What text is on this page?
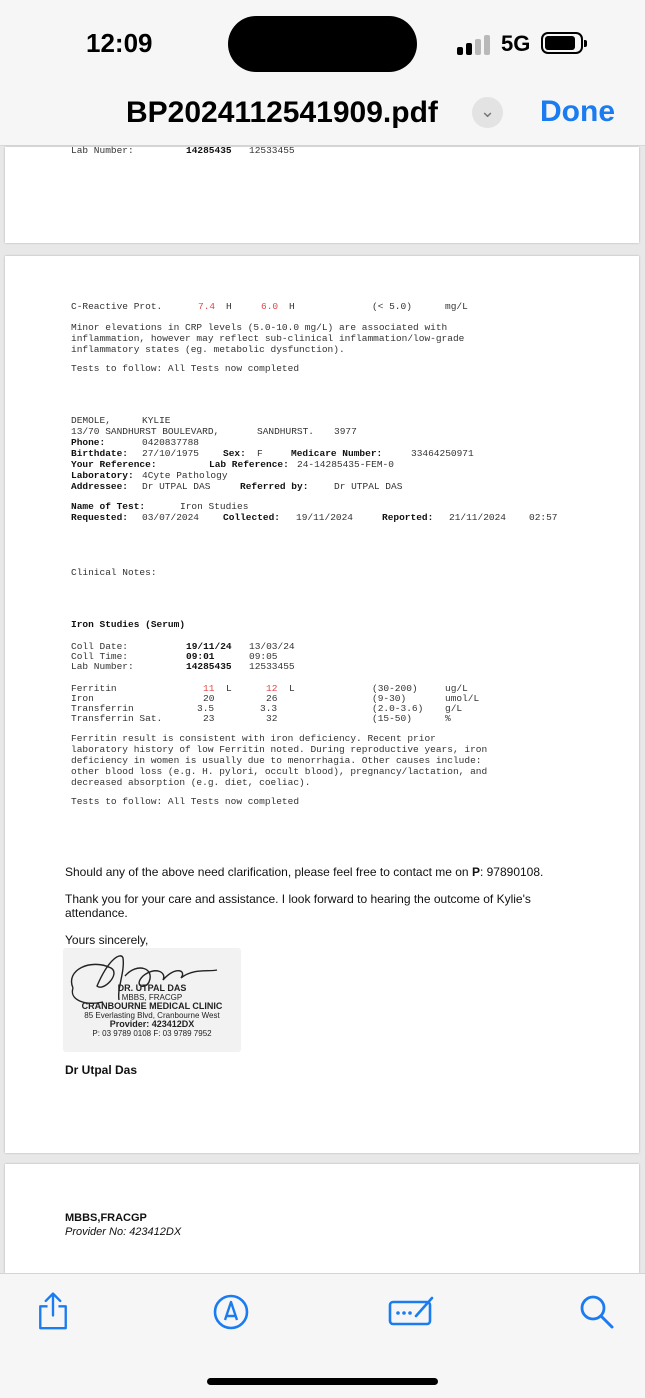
12:09	5G
BP2024112541909.pdf	⌄ Done
Lab Number:	14285435 12533455
C-Reactive Prot.	7.4 H	6.0 H	(< 5.0)	mg/L
Minor elevations in CRP levels (5.0-10.0 mg/L) are associated with
inflammation, however may reflect sub-clinical inflammation/low-grade
inflammatory states (eg. metabolic dysfunction).
Tests to follow: All Tests now completed
DEMOLE,	KYLIE
13/70 SANDHURST BOULEVARD,	SANDHURST. 3977
Phone:	0420837788
Birthdate: 27/10/1975	Sex: F	Medicare Number:	33464250971
Your Reference:	Lab Reference: 24-14285435-FEM-0
Laboratory: 4Cyte Pathology
Addressee: Dr UTPAL DAS	Referred by:	Dr UTPAL DAS
Name of Test:	Iron Studies
Requested: 03/07/2024	Collected: 19/11/2024	Reported: 21/11/2024 02:57
Clinical Notes:
Iron Studies (Serum)
Coll Date:	19/11/24 13/03/24
Coll Time:	09:01	09:05
Lab Number:	14285435 12533455
Ferritin	11 L	12 L	(30-200)	ug/L
Iron	20	26	(9-30)	umol/L
Transferrin	3.5	3.3	(2.0-3.6) g/L
Transferrin Sat.	23	32	(15-50)	%
Ferritin result is consistent with iron deficiency. Recent prior
laboratory history of low Ferritin noted. During reproductive years, iron
deficiency in women is usually due to menorrhagia. Other causes include:
other blood loss (e.g. H. pylori, occult blood), pregnancy/lactation, and
decreased absorption (e.g. diet, coeliac).
Tests to follow: All Tests now completed
Should any of the above need clarification, please feel free to contact me on P: 97890108.
Thank you for your care and assistance. I look forward to hearing the outcome of Kylie's
attendance.
Yours sincerely,
DR. UTPAL DAS
MBBS, FRACGP
CRANBOURNE MEDICAL CLINIC
85 Everlasting Blvd, Cranbourne West
Provider: 423412DX
P: 03 9789 0108 F: 03 9789 7952
Dr Utpal Das
MBBS,FRACGP
Provider No: 423412DX
